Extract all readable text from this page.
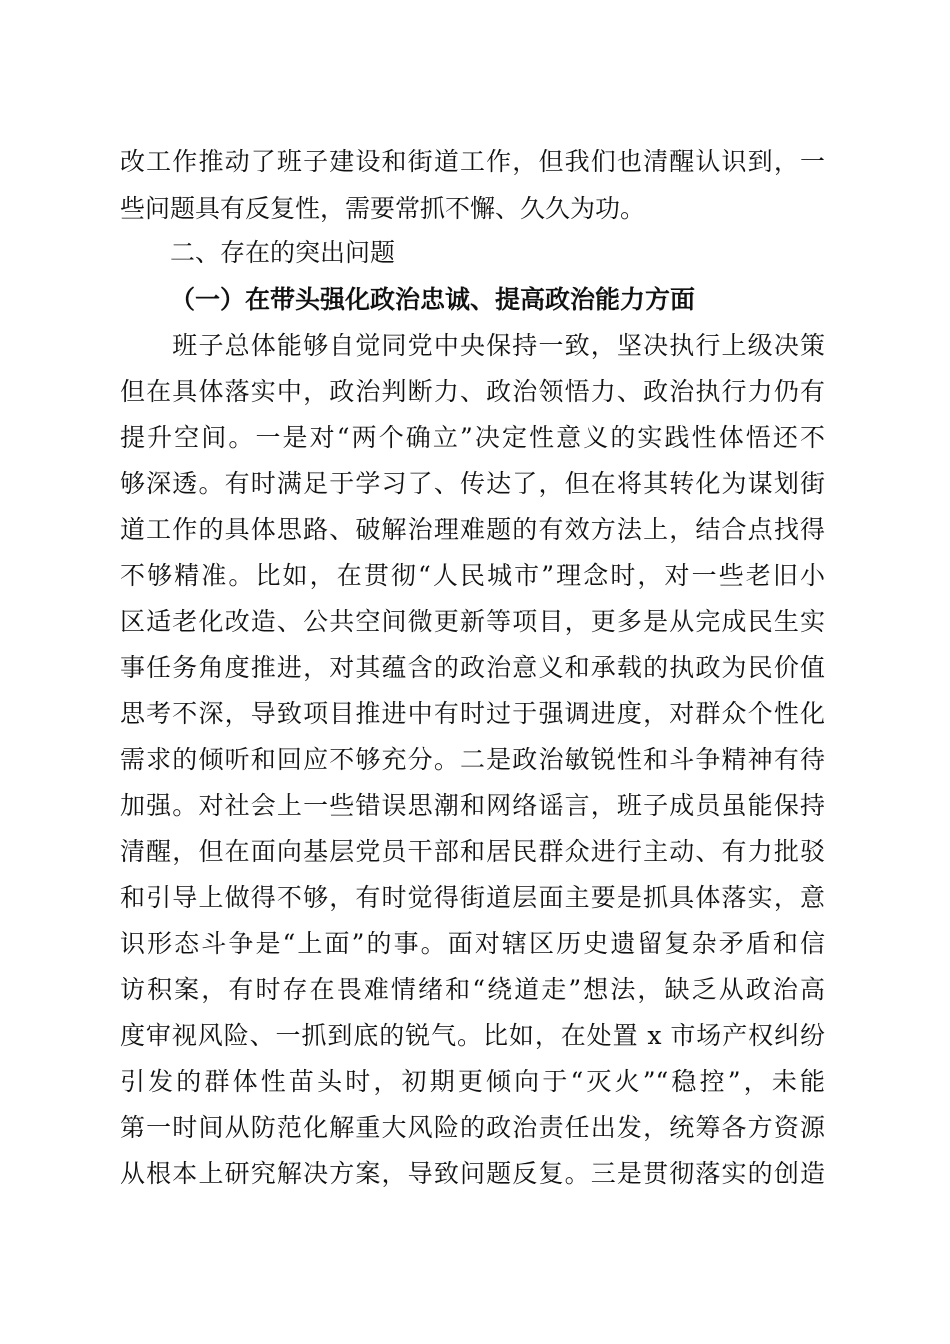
改工作推动了班子建设和街道工作，但我们也清醒认识到，一
些问题具有反复性，需要常抓不懈、久久为功。
二、存在的突出问题
（一）在带头强化政治忠诚、提高政治能力方面
　　班子总体能够自觉同党中央保持一致，坚决执行上级决策
但在具体落实中，政治判断力、政治领悟力、政治执行力仍有
提升空间。一是对“两个确立”决定性意义的实践性体悟还不
够深透。有时满足于学习了、传达了，但在将其转化为谋划街
道工作的具体思路、破解治理难题的有效方法上，结合点找得
不够精准。比如，在贯彻“人民城市”理念时，对一些老旧小
区适老化改造、公共空间微更新等项目，更多是从完成民生实
事任务角度推进，对其蕴含的政治意义和承载的执政为民价值
思考不深，导致项目推进中有时过于强调进度，对群众个性化
需求的倾听和回应不够充分。二是政治敏锐性和斗争精神有待
加强。对社会上一些错误思潮和网络谣言，班子成员虽能保持
清醒，但在面向基层党员干部和居民群众进行主动、有力批驳
和引导上做得不够，有时觉得街道层面主要是抓具体落实，意
识形态斗争是“上面”的事。面对辖区历史遗留复杂矛盾和信
访积案，有时存在畏难情绪和“绕道走”想法，缺乏从政治高
度审视风险、一抓到底的锐气。比如，在处置 x 市场产权纠纷
引发的群体性苗头时，初期更倾向于“灭火”“稳控”，未能
第一时间从防范化解重大风险的政治责任出发，统筹各方资源
从根本上研究解决方案，导致问题反复。三是贯彻落实的创造
